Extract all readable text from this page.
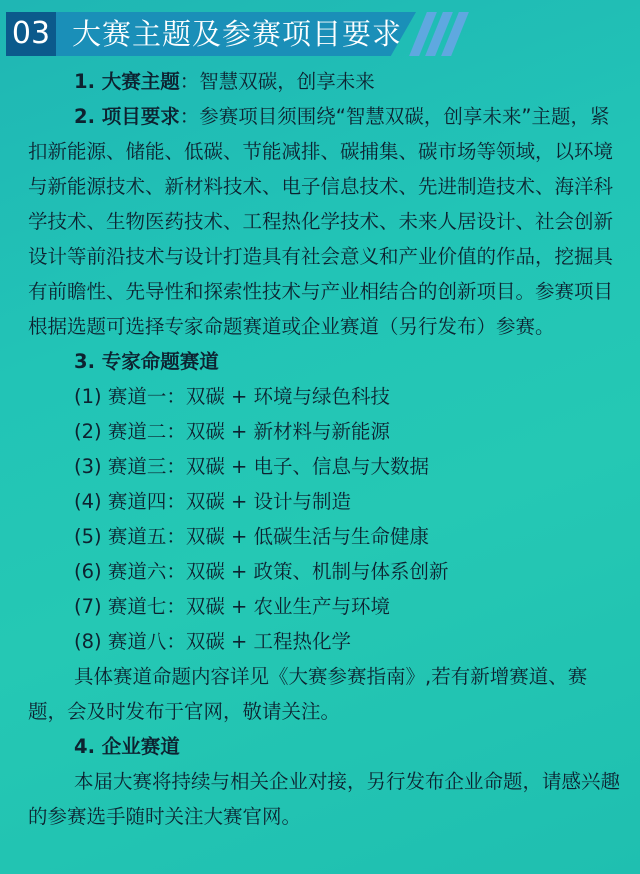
03 大赛主题及参赛项目要求

1. 大赛主题：智慧双碳，创享未来

2. 项目要求：参赛项目须围绕“智慧双碳，创享未来”主题，紧扣新能源、储能、低碳、节能减排、碳捕集、碳市场等领域，以环境与新能源技术、新材料技术、电子信息技术、先进制造技术、海洋科学技术、生物医药技术、工程热化学技术、未来人居设计、社会创新设计等前沿技术与设计打造具有社会意义和产业价值的作品，挖掘具有前瞻性、先导性和探索性技术与产业相结合的创新项目。参赛项目根据选题可选择专家命题赛道或企业赛道（另行发布）参赛。

3. 专家命题赛道

(1) 赛道一：双碳 + 环境与绿色科技
(2) 赛道二：双碳 + 新材料与新能源
(3) 赛道三：双碳 + 电子、信息与大数据
(4) 赛道四：双碳 + 设计与制造
(5) 赛道五：双碳 + 低碳生活与生命健康
(6) 赛道六：双碳 + 政策、机制与体系创新
(7) 赛道七：双碳 + 农业生产与环境
(8) 赛道八：双碳 + 工程热化学

具体赛道命题内容详见《大赛参赛指南》,若有新增赛道、赛题，会及时发布于官网，敬请关注。

4. 企业赛道

本届大赛将持续与相关企业对接，另行发布企业命题，请感兴趣的参赛选手随时关注大赛官网。
